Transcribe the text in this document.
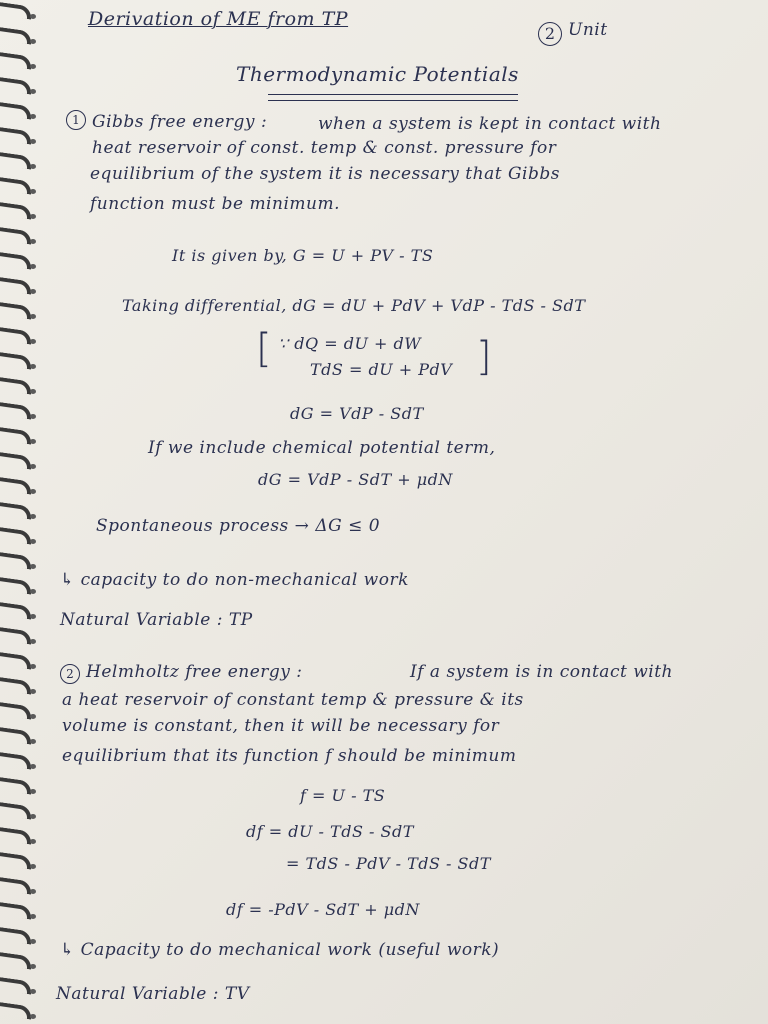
Derivation of ME from TP
2 Unit
Thermodynamic Potentials
1 Gibbs free energy :	when a system is kept in contact with
heat reservoir of const. temp & const. pressure for
equilibrium of the system it is necessary that Gibbs
function must be minimum.
It is given by, G = U + PV - TS
Taking differential, dG = dU + PdV + VdP - TdS - SdT
[ ∵ dQ = dU + dW
TdS = dU + PdV ]
dG = VdP - SdT
If we include chemical potential term,
dG = VdP - SdT + μdN
Spontaneous process → ΔG ≤ 0
↳ capacity to do non-mechanical work
Natural Variable : TP
2 Helmholtz free energy :	If a system is in contact with
a heat reservoir of constant temp & pressure & its
volume is constant, then it will be necessary for
equilibrium that its function f should be minimum
f = U - TS
df = dU - TdS - SdT
= TdS - PdV - TdS - SdT
df = -PdV - SdT + μdN
↳ Capacity to do mechanical work (useful work)
Natural Variable : TV
